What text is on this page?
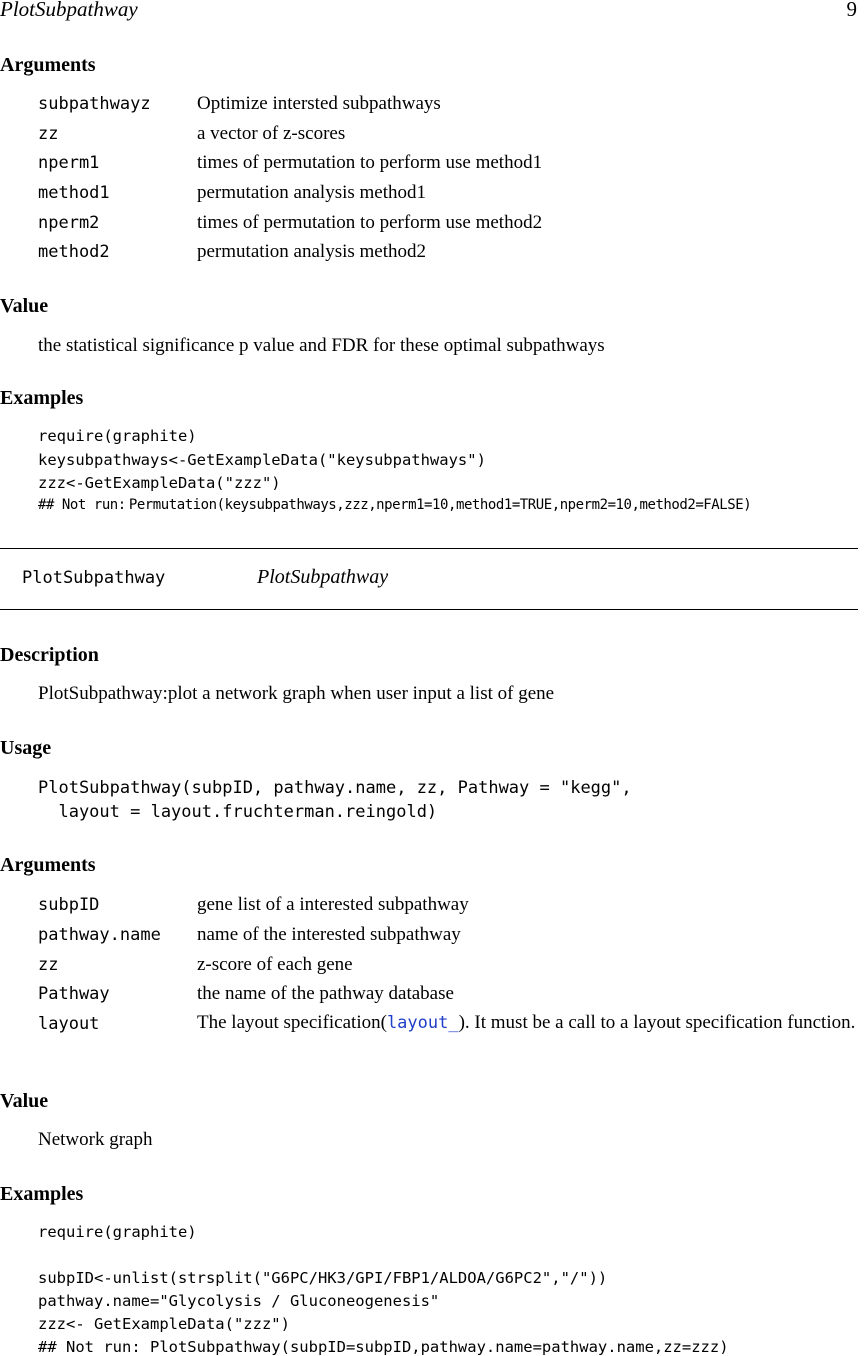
PlotSubpathway	9
Arguments
subpathwayz Optimize intersted subpathways
zz	a vector of z-scores
nperm1	times of permutation to perform use method1
method1	permutation analysis method1
nperm2	times of permutation to perform use method2
method2	permutation analysis method2
Value
the statistical significance p value and FDR for these optimal subpathways
Examples
require(graphite)
keysubpathways<-GetExampleData("keysubpathways")
zzz<-GetExampleData("zzz")
## Not run: Permutation(keysubpathways,zzz,nperm1=10,method1=TRUE,nperm2=10,method2=FALSE)
PlotSubpathway	PlotSubpathway
Description
PlotSubpathway:plot a network graph when user input a list of gene
Usage
PlotSubpathway(subpID, pathway.name, zz, Pathway = "kegg",
layout = layout.fruchterman.reingold)
Arguments
subpID	gene list of a interested subpathway
pathway.name name of the interested subpathway
zz	z-score of each gene
Pathway	the name of the pathway database
layout	The layout specification(layout_). It must be a call to a layout specification function.
Value
Network graph
Examples
require(graphite)
subpID<-unlist(strsplit("G6PC/HK3/GPI/FBP1/ALDOA/G6PC2","/"))
pathway.name="Glycolysis / Gluconeogenesis"
zzz<- GetExampleData("zzz")
## Not run: PlotSubpathway(subpID=subpID,pathway.name=pathway.name,zz=zzz)
